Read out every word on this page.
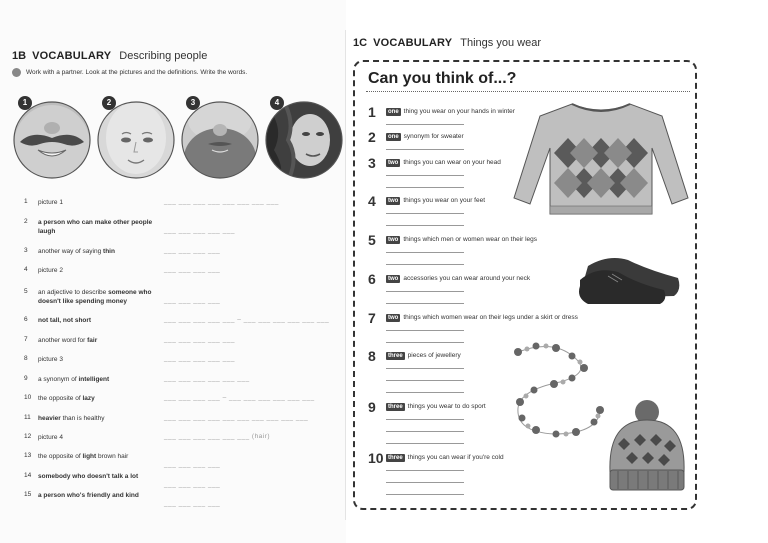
1B VOCABULARY Describing people
Work with a partner. Look at the pictures and the definitions. Write the words.
1	2	3	4
1	picture 1	___ ___ ___ ___ ___ ___ ___ ___
2	a person who can make other people laugh	___ ___ ___ ___ ___
3	another way of saying thin	___ ___ ___ ___
4	picture 2	___ ___ ___ ___
5	an adjective to describe someone who doesn't like spending money	___ ___ ___ ___
6	not tall, not short	___ ___ ___ ___ ___ – ___ ___ ___ ___ ___ ___
7	another word for fair	___ ___ ___ ___ ___
8	picture 3	___ ___ ___ ___ ___
9	a synonym of intelligent	___ ___ ___ ___ ___ ___
10	the opposite of lazy	___ ___ ___ ___ – ___ ___ ___ ___ ___ ___
11	heavier than is healthy	___ ___ ___ ___ ___ ___ ___ ___ ___ ___
12	picture 4	___ ___ ___ ___ ___ ___ (hair)
13	the opposite of light brown hair
___ ___ ___ ___
14	somebody who doesn't talk a lot
___ ___ ___ ___
15	a person who's friendly and kind
___ ___ ___ ___
1C VOCABULARY Things you wear
Can you think of...?
1	one thing you wear on your hands in winter
2	one synonym for sweater
3	two things you can wear on your head
4	two things you wear on your feet
5	two things which men or women wear on their legs
6	two accessories you can wear around your neck
7	two things which women wear on their legs under a skirt or dress
8	three pieces of jewellery
9	three things you wear to do sport
10 three things you can wear if you're cold
